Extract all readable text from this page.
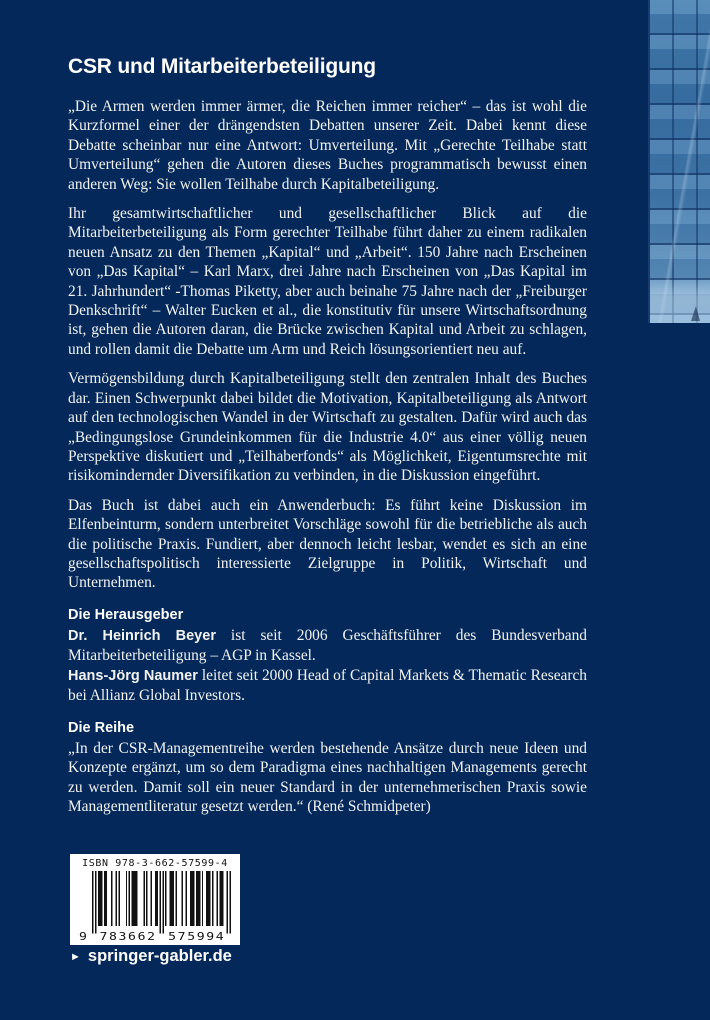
CSR und Mitarbeiterbeteiligung

„Die Armen werden immer ärmer, die Reichen immer reicher“ – das ist wohl die Kurzformel einer der drängendsten Debatten unserer Zeit. Dabei kennt diese Debatte scheinbar nur eine Antwort: Umverteilung. Mit „Gerechte Teilhabe statt Umverteilung“ gehen die Autoren dieses Buches programmatisch bewusst einen anderen Weg: Sie wollen Teilhabe durch Kapitalbeteiligung.

Ihr gesamtwirtschaftlicher und gesellschaftlicher Blick auf die Mitarbeiterbeteiligung als Form gerechter Teilhabe führt daher zu einem radikalen neuen Ansatz zu den Themen „Kapital“ und „Arbeit“. 150 Jahre nach Erscheinen von „Das Kapital“ – Karl Marx, drei Jahre nach Erscheinen von „Das Kapital im 21. Jahrhundert“ -Thomas Piketty, aber auch beinahe 75 Jahre nach der „Freiburger Denkschrift“ – Walter Eucken et al., die konstitutiv für unsere Wirtschaftsordnung ist, gehen die Autoren daran, die Brücke zwischen Kapital und Arbeit zu schlagen, und rollen damit die Debatte um Arm und Reich lösungsorientiert neu auf.

Vermögensbildung durch Kapitalbeteiligung stellt den zentralen Inhalt des Buches dar. Einen Schwerpunkt dabei bildet die Motivation, Kapitalbeteiligung als Antwort auf den technologischen Wandel in der Wirtschaft zu gestalten. Dafür wird auch das „Bedingungslose Grundeinkommen für die Industrie 4.0“ aus einer völlig neuen Perspektive diskutiert und „Teilhaberfonds“ als Möglichkeit, Eigentumsrechte mit risikomindernder Diversifikation zu verbinden, in die Diskussion eingeführt.

Das Buch ist dabei auch ein Anwenderbuch: Es führt keine Diskussion im Elfenbeinturm, sondern unterbreitet Vorschläge sowohl für die betriebliche als auch die politische Praxis. Fundiert, aber dennoch leicht lesbar, wendet es sich an eine gesellschaftspolitisch interessierte Zielgruppe in Politik, Wirtschaft und Unternehmen.

Die Herausgeber

Dr. Heinrich Beyer ist seit 2006 Geschäftsführer des Bundesverband Mitarbeiterbeteiligung – AGP in Kassel.

Hans-Jörg Naumer leitet seit 2000 Head of Capital Markets & Thematic Research bei Allianz Global Investors.

Die Reihe

„In der CSR-Managementreihe werden bestehende Ansätze durch neue Ideen und Konzepte ergänzt, um so dem Paradigma eines nachhaltigen Managements gerecht zu werden. Damit soll ein neuer Standard in der unternehmerischen Praxis sowie Managementliteratur gesetzt werden.“ (René Schmidpeter)

ISBN 978-3-662-57599-4
9 783662 575994
► springer-gabler.de
